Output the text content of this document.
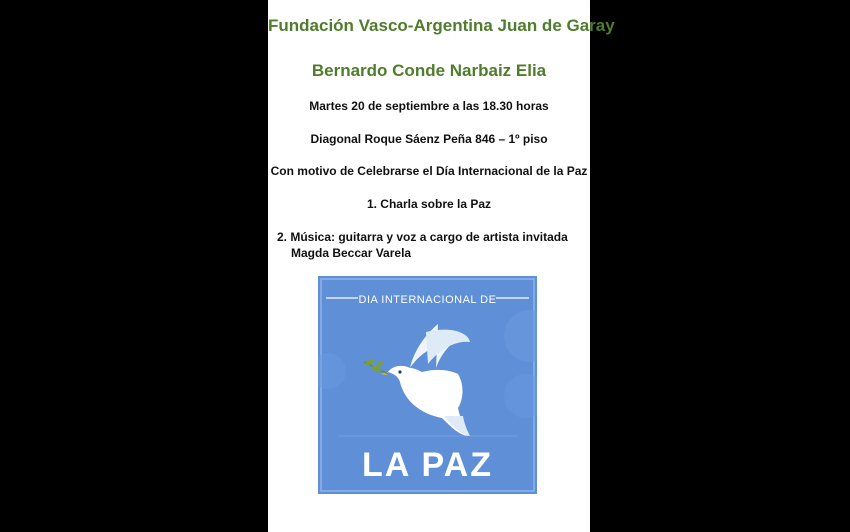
Fundación Vasco-Argentina Juan de Garay
Bernardo Conde Narbaiz Elia
Martes 20 de septiembre a las 18.30 horas
Diagonal Roque Sáenz Peña 846 – 1º piso
Con motivo de Celebrarse el Día Internacional de la Paz
1. Charla sobre la Paz
2. Música: guitarra y voz a cargo de artista invitada
Magda Beccar Varela
DIA INTERNACIONAL DE
LA PAZ
